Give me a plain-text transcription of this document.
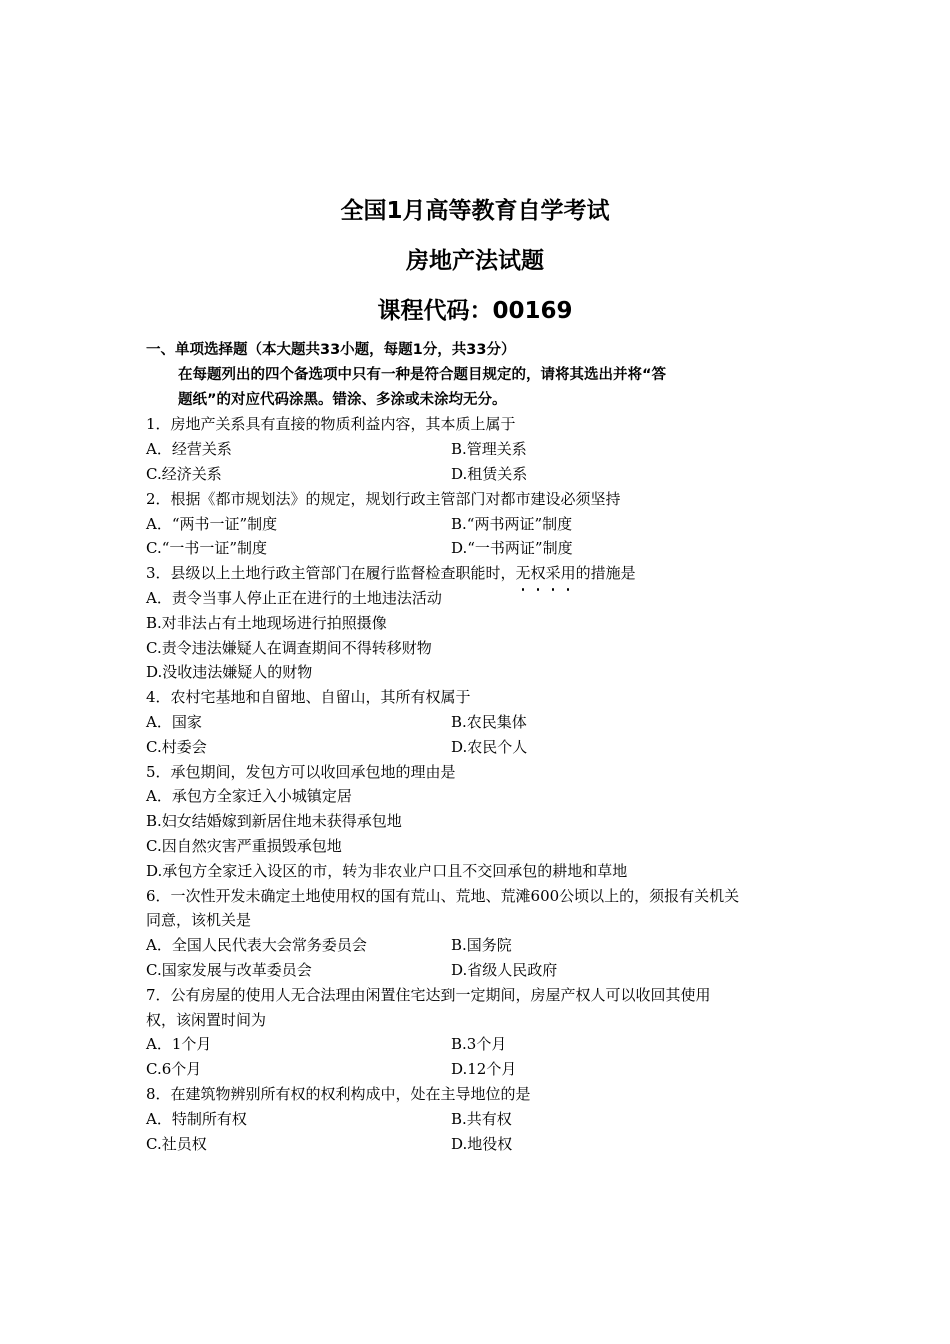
全国1月高等教育自学考试
房地产法试题
课程代码：00169
一、单项选择题（本大题共33小题，每题1分，共33分）
在每题列出的四个备选项中只有一种是符合题目规定的，请将其选出并将“答
题纸”的对应代码涂黑。错涂、多涂或未涂均无分。
1．房地产关系具有直接的物质利益内容，其本质上属于
A．经营关系	B.管理关系
C.经济关系	D.租赁关系
2．根据《都市规划法》的规定，规划行政主管部门对都市建设必须坚持
A．“两书一证”制度	B.“两书两证”制度
C.“一书一证”制度	D.“一书两证”制度
3．县级以上土地行政主管部门在履行监督检查职能时，无权采用的措施是
A．责令当事人停止正在进行的土地违法活动
B.对非法占有土地现场进行拍照摄像
C.责令违法嫌疑人在调查期间不得转移财物
D.没收违法嫌疑人的财物
4．农村宅基地和自留地、自留山，其所有权属于
A．国家	B.农民集体
C.村委会	D.农民个人
5．承包期间，发包方可以收回承包地的理由是
A．承包方全家迁入小城镇定居
B.妇女结婚嫁到新居住地未获得承包地
C.因自然灾害严重损毁承包地
D.承包方全家迁入设区的市，转为非农业户口且不交回承包的耕地和草地
6．一次性开发未确定土地使用权的国有荒山、荒地、荒滩600公顷以上的，须报有关机关
同意，该机关是
A．全国人民代表大会常务委员会	B.国务院
C.国家发展与改革委员会	D.省级人民政府
7．公有房屋的使用人无合法理由闲置住宅达到一定期间，房屋产权人可以收回其使用
权，该闲置时间为
A．1个月	B.3个月
C.6个月	D.12个月
8．在建筑物辨别所有权的权利构成中，处在主导地位的是
A．特制所有权	B.共有权
C.社员权	D.地役权
